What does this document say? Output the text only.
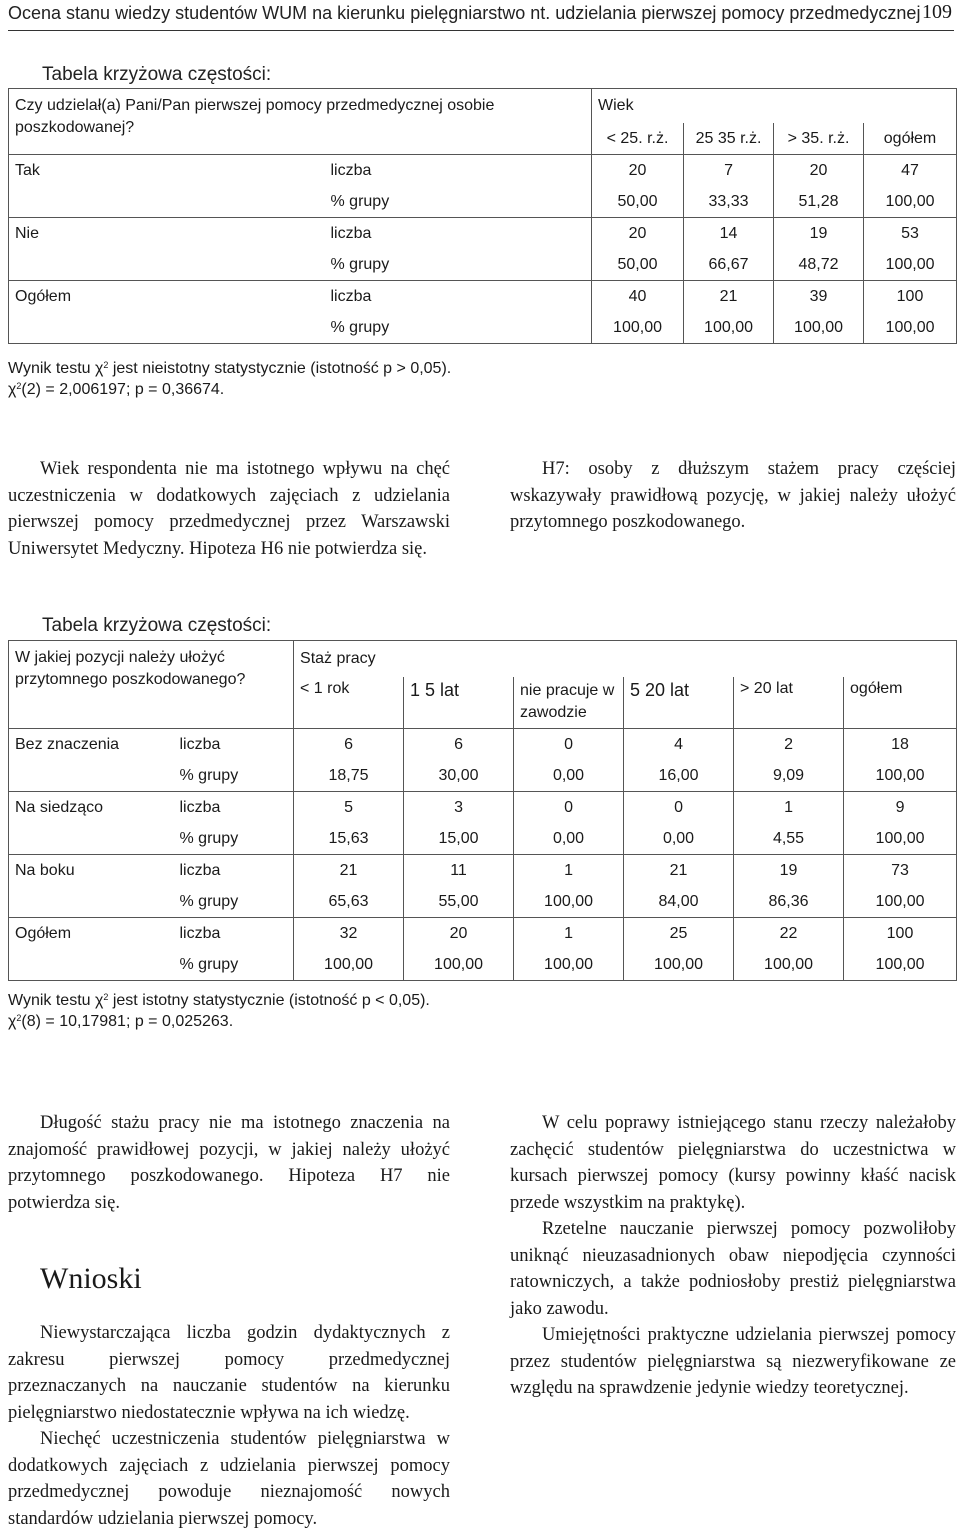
Ocena stanu wiedzy studentów WUM na kierunku pielęgniarstwo nt. udzielania pierwszej pomocy przedmedycznej 109
Tabela krzyżowa częstości:
Czy udzielał(a) Pani/Pan pierwszej pomocy przedmedycznej osobie poszkodowanej?		Wiek			
		< 25. r.ż.	25 35 r.ż.	> 35. r.ż.	ogółem
Tak	liczba	20	7	20	47
	% grupy	50,00	33,33	51,28	100,00
Nie	liczba	20	14	19	53
	% grupy	50,00	66,67	48,72	100,00
Ogółem	liczba	40	21	39	100
	% grupy	100,00	100,00	100,00	100,00
Wynik testu $\chi^2$ jest nieistotny statystycznie (istotność p > 0,05).
$\chi^2(2) = 2,006197$; p = 0,36674.

Wiek respondenta nie ma istotnego wpływu na chęć uczestniczenia w dodatkowych zajęciach z udzielania pierwszej pomocy przedmedycznej przez Warszawski Uniwersytet Medyczny. Hipoteza H6 nie potwierdza się.

H7: osoby z dłuższym stażem pracy częściej wskazywały prawidłową pozycję, w jakiej należy ułożyć przytomnego poszkodowanego.

Tabela krzyżowa częstości:
W jakiej pozycji należy ułożyć przytomnego poszkodowanego?		Staż pracy					
		< 1 rok	1 5 lat	nie pracuje w zawodzie	5 20 lat	> 20 lat	ogółem
Bez znaczenia	liczba	6	6	0	4	2	18
	% grupy	18,75	30,00	0,00	16,00	9,09	100,00
Na siedząco	liczba	5	3	0	0	1	9
	% grupy	15,63	15,00	0,00	0,00	4,55	100,00
Na boku	liczba	21	11	1	21	19	73
	% grupy	65,63	55,00	100,00	84,00	86,36	100,00
Ogółem	liczba	32	20	1	25	22	100
	% grupy	100,00	100,00	100,00	100,00	100,00	100,00
Wynik testu $\chi^2$ jest istotny statystycznie (istotność p < 0,05).
$\chi^2(8) = 10,17981$; p = 0,025263.

Długość stażu pracy nie ma istotnego znaczenia na znajomość prawidłowej pozycji, w jakiej należy ułożyć przytomnego poszkodowanego. Hipoteza H7 nie potwierdza się.

Wnioski

Niewystarczająca liczba godzin dydaktycznych z zakresu pierwszej pomocy przedmedycznej przeznaczanych na nauczanie studentów na kierunku pielęgniarstwo niedostatecznie wpływa na ich wiedzę.

Niechęć uczestniczenia studentów pielęgniarstwa w dodatkowych zajęciach z udzielania pierwszej pomocy przedmedycznej powoduje nieznajomość nowych standardów udzielania pierwszej pomocy.

W celu poprawy istniejącego stanu rzeczy należałoby zachęcić studentów pielęgniarstwa do uczestnictwa w kursach pierwszej pomocy (kursy powinny kłaść nacisk przede wszystkim na praktykę).

Rzetelne nauczanie pierwszej pomocy pozwoliłoby uniknąć nieuzasadnionych obaw niepodjęcia czynności ratowniczych, a także podniosłoby prestiż pielęgniarstwa jako zawodu.

Umiejętności praktyczne udzielania pierwszej pomocy przez studentów pielęgniarstwa są niezweryfikowane ze względu na sprawdzenie jedynie wiedzy teoretycznej.
